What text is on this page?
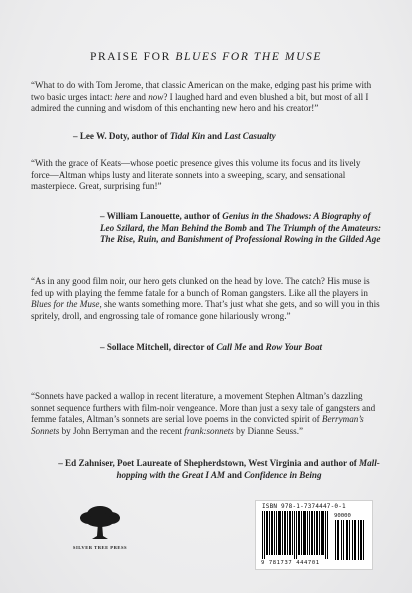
PRAISE FOR BLUES FOR THE MUSE
“What to do with Tom Jerome, that classic American on the make, edging past his prime with two basic urges intact: here and now? I laughed hard and even blushed a bit, but most of all I admired the cunning and wisdom of this enchanting new hero and his creator!”
– Lee W. Doty, author of Tidal Kin and Last Casualty
“With the grace of Keats—whose poetic presence gives this volume its focus and its lively force—Altman whips lusty and literate sonnets into a sweeping, scary, and sensational masterpiece. Great, surprising fun!”
– William Lanouette, author of Genius in the Shadows: A Biography of Leo Szilard, the Man Behind the Bomb and The Triumph of the Amateurs: The Rise, Ruin, and Banishment of Professional Rowing in the Gilded Age
“As in any good film noir, our hero gets clunked on the head by love. The catch? His muse is fed up with playing the femme fatale for a bunch of Roman gangsters. Like all the players in Blues for the Muse, she wants something more. That’s just what she gets, and so will you in this spritely, droll, and engrossing tale of romance gone hilariously wrong.”
– Sollace Mitchell, director of Call Me and Row Your Boat
“Sonnets have packed a wallop in recent literature, a movement Stephen Altman’s dazzling sonnet sequence furthers with film-noir vengeance. More than just a sexy tale of gangsters and femme fatales, Altman’s sonnets are serial love poems in the convicted spirit of Berryman’s Sonnets by John Berryman and the recent frank:sonnets by Dianne Seuss.”
– Ed Zahniser, Poet Laureate of Shepherdstown, West Virginia and author of Mall-hopping with the Great I AM and Confidence in Being
SILVER TREE PRESS
ISBN 978-1-7374447-0-1
90000
9 781737 444701
